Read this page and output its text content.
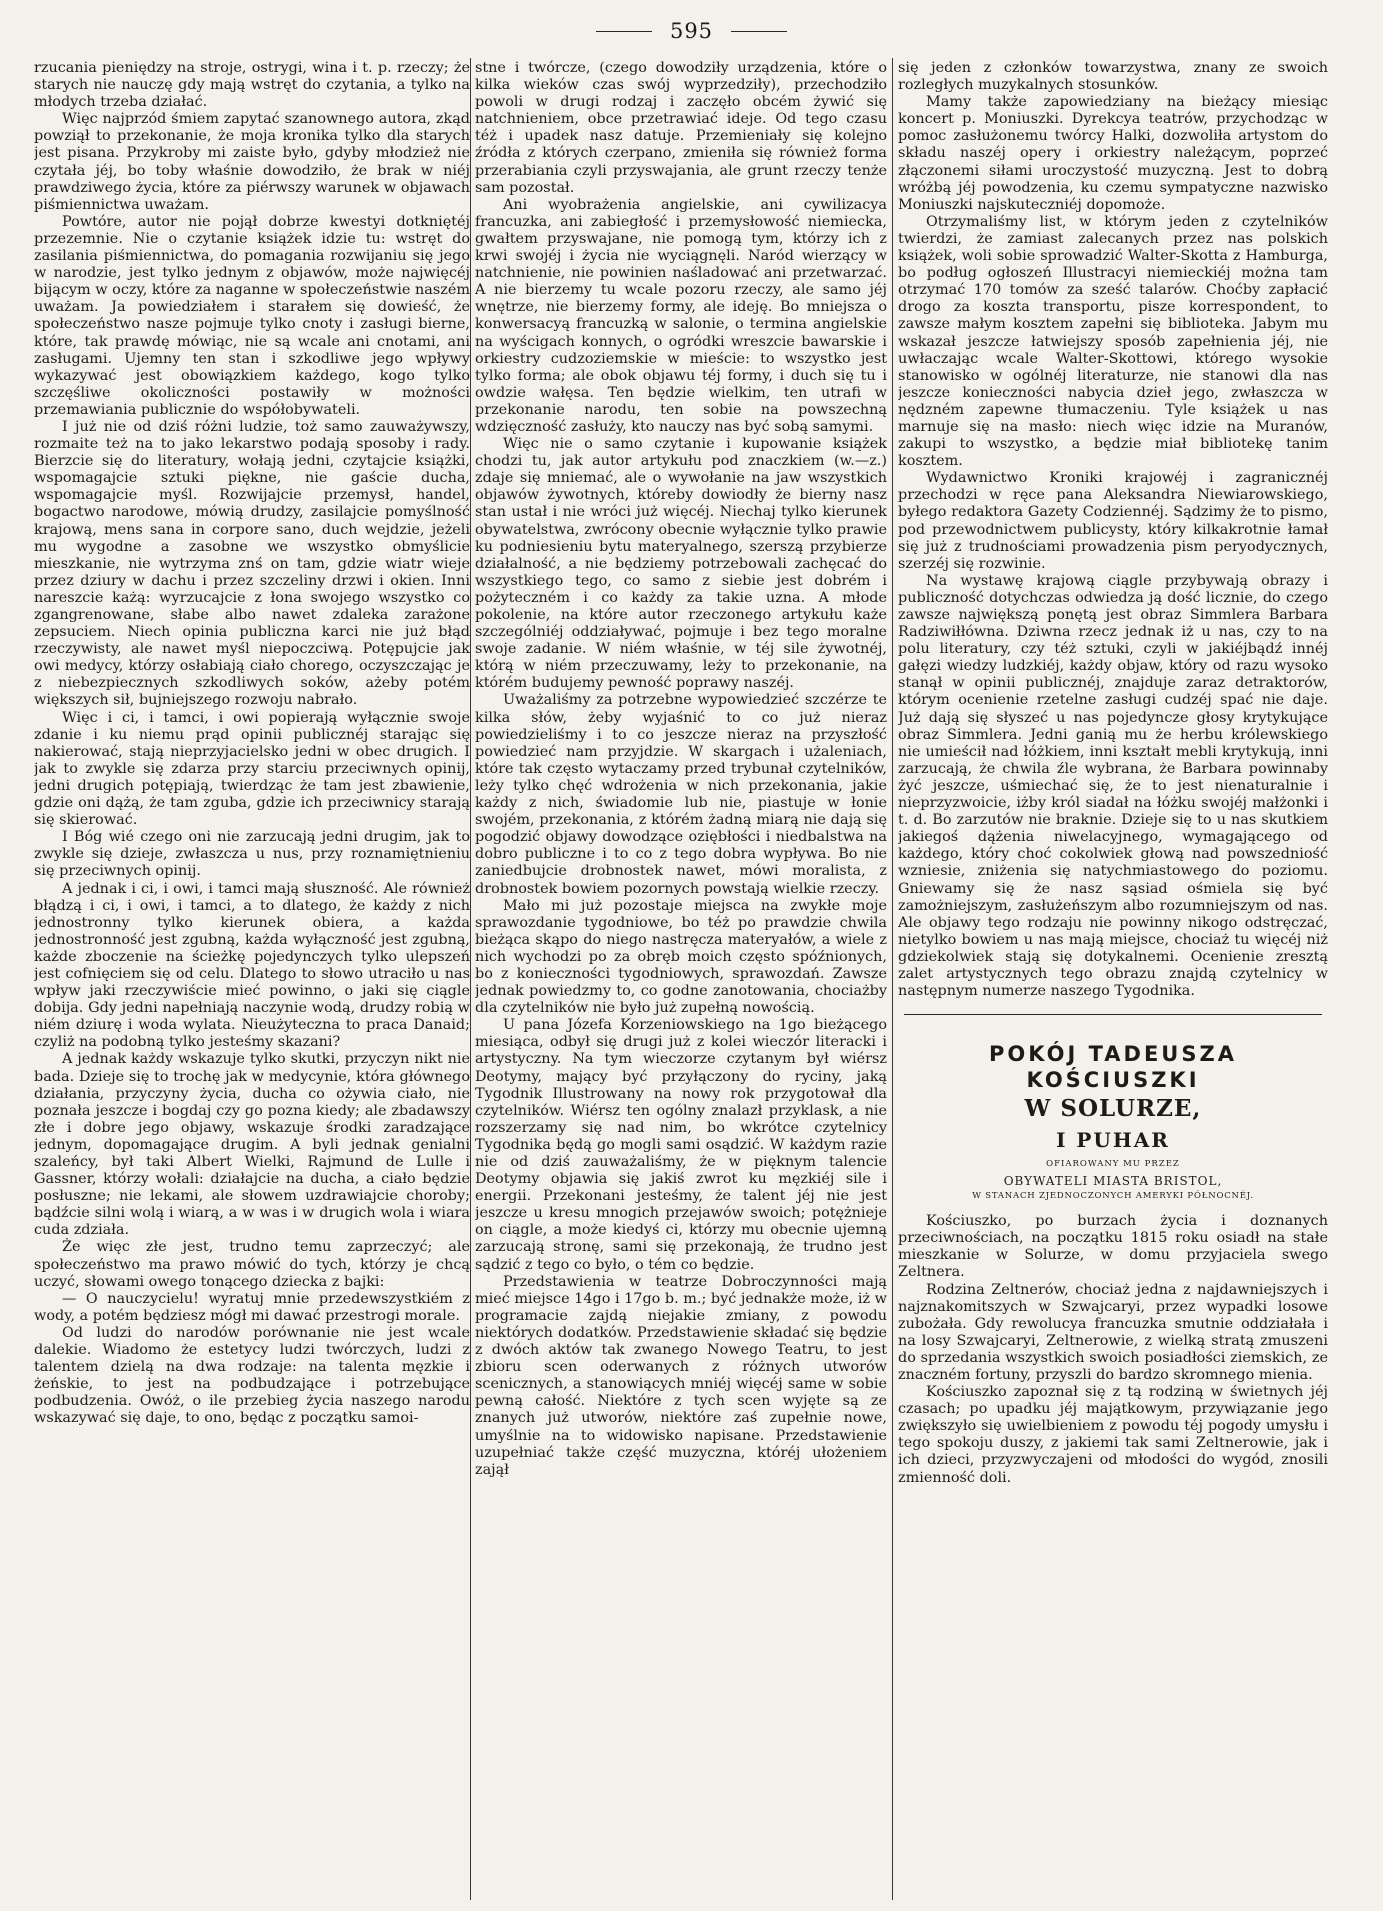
595

rzucania pieniędzy na stroje, ostrygi, wina i t. p. rzeczy; że starych nie nauczę gdy mają wstręt do czytania, a tylko na młodych trzeba działać.

Więc najprzód śmiem zapytać szanownego autora, zkąd powziął to przekonanie, że moja kronika tylko dla starych jest pisana. Przykroby mi zaiste było, gdyby młodzież nie czytała jéj, bo toby właśnie dowodziło, że brak w niéj prawdziwego życia, które za piérwszy warunek w objawach piśmiennictwa uważam.

Powtóre, autor nie pojął dobrze kwestyi dotkniętéj przezemnie. Nie o czytanie książek idzie tu: wstręt do zasilania piśmiennictwa, do pomagania rozwijaniu się jego w narodzie, jest tylko jednym z objawów, może najwięcéj bijącym w oczy, które za naganne w społeczeństwie naszém uważam. Ja powiedziałem i starałem się dowieść, że społeczeństwo nasze pojmuje tylko cnoty i zasługi bierne, które, tak prawdę mówiąc, nie są wcale ani cnotami, ani zasługami. Ujemny ten stan i szkodliwe jego wpływy wykazywać jest obowiązkiem każdego, kogo tylko szczęśliwe okoliczności postawiły w możności przemawiania publicznie do współobywateli.

I już nie od dziś różni ludzie, toż samo zauważywszy, rozmaite też na to jako lekarstwo podają sposoby i rady. Bierzcie się do literatury, wołają jedni, czytajcie książki, wspomagajcie sztuki piękne, nie gaście ducha, wspomagajcie myśl. Rozwijajcie przemysł, handel, bogactwo narodowe, mówią drudzy, zasilajcie pomyślność krajową, mens sana in corpore sano, duch wejdzie, jeżeli mu wygodne a zasobne we wszystko obmyślicie mieszkanie, nie wytrzyma znś on tam, gdzie wiatr wieje przez dziury w dachu i przez szczeliny drzwi i okien. Inni nareszcie każą: wyrzucajcie z łona swojego wszystko co zgangrenowane, słabe albo nawet zdaleka zarażone zepsuciem. Niech opinia publiczna karci nie już błąd rzeczywisty, ale nawet myśl niepoczciwą. Potępujcie jak owi medycy, którzy osłabiają ciało chorego, oczyszczając je z niebezpiecznych szkodliwych soków, ażeby potém większych sił, bujniejszego rozwoju nabrało.

Więc i ci, i tamci, i owi popierają wyłącznie swoje zdanie i ku niemu prąd opinii publicznéj starając się nakierować, stają nieprzyjacielsko jedni w obec drugich. I jak to zwykle się zdarza przy starciu przeciwnych opinij, jedni drugich potępiają, twierdząc że tam jest zbawienie, gdzie oni dążą, że tam zguba, gdzie ich przeciwnicy starają się skierować.

I Bóg wié czego oni nie zarzucają jedni drugim, jak to zwykle się dzieje, zwłaszcza u nus, przy roznamiętnieniu się przeciwnych opinij.

A jednak i ci, i owi, i tamci mają słuszność. Ale również błądzą i ci, i owi, i tamci, a to dlatego, że każdy z nich jednostronny tylko kierunek obiera, a każda jednostronność jest zgubną, każda wyłączność jest zgubną, każde zboczenie na ścieżkę pojedynczych tylko ulepszeń jest cofnięciem się od celu. Dlatego to słowo utraciło u nas wpływ jaki rzeczywiście mieć powinno, o jaki się ciągle dobija. Gdy jedni napełniają naczynie wodą, drudzy robią w niém dziurę i woda wylata. Nieużyteczna to praca Danaid; czyliż na podobną tylko jesteśmy skazani?

A jednak każdy wskazuje tylko skutki, przyczyn nikt nie bada. Dzieje się to trochę jak w medycynie, która głównego działania, przyczyny życia, ducha co ożywia ciało, nie poznała jeszcze i bogdaj czy go pozna kiedy; ale zbadawszy złe i dobre jego objawy, wskazuje środki zaradzające jednym, dopomagające drugim. A byli jednak genialni szaleńcy, był taki Albert Wielki, Rajmund de Lulle i Gassner, którzy wołali: działajcie na ducha, a ciało będzie posłuszne; nie lekami, ale słowem uzdrawiajcie choroby; bądźcie silni wolą i wiarą, a w was i w drugich wola i wiara cuda zdziała.

Że więc złe jest, trudno temu zaprzeczyć; ale społeczeństwo ma prawo mówić do tych, którzy je chcą uczyć, słowami owego tonącego dziecka z bajki:

— O nauczycielu! wyratuj mnie przedewszystkiém z wody, a potém będziesz mógł mi dawać przestrogi morale.

Od ludzi do narodów porównanie nie jest wcale dalekie. Wiadomo że estetycy ludzi twórczych, ludzi z talentem dzielą na dwa rodzaje: na talenta męzkie i żeńskie, to jest na podbudzające i potrzebujące podbudzenia. Owóż, o ile przebieg życia naszego narodu wskazywać się daje, to ono, będąc z początku samoi-

stne i twórcze, (czego dowodziły urządzenia, które o kilka wieków czas swój wyprzedziły), przechodziło powoli w drugi rodzaj i zaczęło obcém żywić się natchnieniem, obce przetrawiać ideje. Od tego czasu téż i upadek nasz datuje. Przemieniały się kolejno źródła z których czerpano, zmieniła się również forma przerabiania czyli przyswajania, ale grunt rzeczy tenże sam pozostał.

Ani wyobrażenia angielskie, ani cywilizacya francuzka, ani zabiegłość i przemysłowość niemiecka, gwałtem przyswajane, nie pomogą tym, którzy ich z krwi swojéj i życia nie wyciągnęli. Naród wierzący w natchnienie, nie powinien naśladować ani przetwarzać. A nie bierzemy tu wcale pozoru rzeczy, ale samo jéj wnętrze, nie bierzemy formy, ale ideję. Bo mniejsza o konwersacyą francuzką w salonie, o termina angielskie na wyścigach konnych, o ogródki wreszcie bawarskie i orkiestry cudzoziemskie w mieście: to wszystko jest tylko forma; ale obok objawu téj formy, i duch się tu i owdzie wałęsa. Ten będzie wielkim, ten utrafi w przekonanie narodu, ten sobie na powszechną wdzięczność zasłuży, kto nauczy nas być sobą samymi.

Więc nie o samo czytanie i kupowanie książek chodzi tu, jak autor artykułu pod znaczkiem (w.—z.) zdaje się mniemać, ale o wywołanie na jaw wszystkich objawów żywotnych, któreby dowiodły że bierny nasz stan ustał i nie wróci już więcéj. Niechaj tylko kierunek obywatelstwa, zwrócony obecnie wyłącznie tylko prawie ku podniesieniu bytu materyalnego, szerszą przybierze działalność, a nie będziemy potrzebowali zachęcać do wszystkiego tego, co samo z siebie jest dobrém i pożyteczném i co każdy za takie uzna. A młode pokolenie, na które autor rzeczonego artykułu każe szczególniéj oddziaływać, pojmuje i bez tego moralne swoje zadanie. W niém właśnie, w téj sile żywotnéj, którą w niém przeczuwamy, leży to przekonanie, na którém budujemy pewność poprawy naszéj.

Uważaliśmy za potrzebne wypowiedzieć szczérze te kilka słów, żeby wyjaśnić to co już nieraz powiedzieliśmy i to co jeszcze nieraz na przyszłość powiedzieć nam przyjdzie. W skargach i użaleniach, które tak często wytaczamy przed trybunał czytelników, leży tylko chęć wdrożenia w nich przekonania, jakie każdy z nich, świadomie lub nie, piastuje w łonie swojém, przekonania, z którém żadną miarą nie dają się pogodzić objawy dowodzące oziębłości i niedbalstwa na dobro publiczne i to co z tego dobra wypływa. Bo nie zaniedbujcie drobnostek nawet, mówi moralista, z drobnostek bowiem pozornych powstają wielkie rzeczy.

Mało mi już pozostaje miejsca na zwykłe moje sprawozdanie tygodniowe, bo téż po prawdzie chwila bieżąca skąpo do niego nastręcza materyałów, a wiele z nich wychodzi po za obręb moich często spóźnionych, bo z konieczności tygodniowych, sprawozdań. Zawsze jednak powiedzmy to, co godne zanotowania, chociażby dla czytelników nie było już zupełną nowością.

U pana Józefa Korzeniowskiego na 1go bieżącego miesiąca, odbył się drugi już z kolei wieczór literacki i artystyczny. Na tym wieczorze czytanym był wiérsz Deotymy, mający być przyłączony do ryciny, jaką Tygodnik Illustrowany na nowy rok przygotował dla czytelników. Wiérsz ten ogólny znalazł przyklask, a nie rozszerzamy się nad nim, bo wkrótce czytelnicy Tygodnika będą go mogli sami osądzić. W każdym razie nie od dziś zauważaliśmy, że w pięknym talencie Deotymy objawia się jakiś zwrot ku męzkiéj sile i energii. Przekonani jesteśmy, że talent jéj nie jest jeszcze u kresu mnogich przejawów swoich; potężnieje on ciągle, a może kiedyś ci, którzy mu obecnie ujemną zarzucają stronę, sami się przekonają, że trudno jest sądzić z tego co było, o tém co będzie.

Przedstawienia w teatrze Dobroczynności mają mieć miejsce 14go i 17go b. m.; być jednakże może, iż w programacie zajdą niejakie zmiany, z powodu niektórych dodatków. Przedstawienie składać się będzie z dwóch aktów tak zwanego Nowego Teatru, to jest zbioru scen oderwanych z różnych utworów scenicznych, a stanowiących mniéj więcéj same w sobie pewną całość. Niektóre z tych scen wyjęte są ze znanych już utworów, niektóre zaś zupełnie nowe, umyślnie na to widowisko napisane. Przedstawienie uzupełniać także część muzyczna, któréj ułożeniem zajął

się jeden z członków towarzystwa, znany ze swoich rozległych muzykalnych stosunków.

Mamy także zapowiedziany na bieżący miesiąc koncert p. Moniuszki. Dyrekcya teatrów, przychodząc w pomoc zasłużonemu twórcy Halki, dozwoliła artystom do składu naszéj opery i orkiestry należącym, poprzeć złączonemi siłami uroczystość muzyczną. Jest to dobrą wróżbą jéj powodzenia, ku czemu sympatyczne nazwisko Moniuszki najskuteczniéj dopomoże.

Otrzymaliśmy list, w którym jeden z czytelników twierdzi, że zamiast zalecanych przez nas polskich książek, woli sobie sprowadzić Walter-Skotta z Hamburga, bo podług ogłoszeń Illustracyi niemieckiéj można tam otrzymać 170 tomów za sześć talarów. Choćby zapłacić drogo za koszta transportu, pisze korrespondent, to zawsze małym kosztem zapełni się biblioteka. Jabym mu wskazał jeszcze łatwiejszy sposób zapełnienia jéj, nie uwłaczając wcale Walter-Skottowi, którego wysokie stanowisko w ogólnéj literaturze, nie stanowi dla nas jeszcze konieczności nabycia dzieł jego, zwłaszcza w nędzném zapewne tłumaczeniu. Tyle książek u nas marnuje się na masło: niech więc idzie na Muranów, zakupi to wszystko, a będzie miał bibliotekę tanim kosztem.

Wydawnictwo Kroniki krajowéj i zagranicznéj przechodzi w ręce pana Aleksandra Niewiarowskiego, byłego redaktora Gazety Codziennéj. Sądzimy że to pismo, pod przewodnictwem publicysty, który kilkakrotnie łamał się już z trudnościami prowadzenia pism peryodycznych, szerzéj się rozwinie.

Na wystawę krajową ciągle przybywają obrazy i publiczność dotychczas odwiedza ją dość licznie, do czego zawsze największą ponętą jest obraz Simmlera Barbara Radziwiłłówna. Dziwna rzecz jednak iż u nas, czy to na polu literatury, czy téż sztuki, czyli w jakiéjbądź innéj gałęzi wiedzy ludzkiéj, każdy objaw, który od razu wysoko stanął w opinii publicznéj, znajduje zaraz detraktorów, którym ocenienie rzetelne zasługi cudzéj spać nie daje. Już dają się słyszeć u nas pojedyncze głosy krytykujące obraz Simmlera. Jedni ganią mu że herbu królewskiego nie umieścił nad łóżkiem, inni kształt mebli krytykują, inni zarzucają, że chwila źle wybrana, że Barbara powinnaby żyć jeszcze, uśmiechać się, że to jest nienaturalnie i nieprzyzwoicie, iżby król siadał na łóżku swojéj małżonki i t. d. Bo zarzutów nie braknie. Dzieje się to u nas skutkiem jakiegoś dążenia niwelacyjnego, wymagającego od każdego, który choć cokolwiek głową nad powszedniość wzniesie, zniżenia się natychmiastowego do poziomu. Gniewamy się że nasz sąsiad ośmiela się być zamożniejszym, zasłużeńszym albo rozumniejszym od nas. Ale objawy tego rodzaju nie powinny nikogo odstręczać, nietylko bowiem u nas mają miejsce, chociaż tu więcéj niż gdziekolwiek stają się dotykalnemi. Ocenienie zresztą zalet artystycznych tego obrazu znajdą czytelnicy w następnym numerze naszego Tygodnika.

POKÓJ TADEUSZA KOŚCIUSZKI
W SOLURZE,
I PUHAR
OFIAROWANY MU PRZEZ
OBYWATELI MIASTA BRISTOL,
W STANACH ZJEDNOCZONYCH AMERYKI PÓŁNOCNÉJ.

Kościuszko, po burzach życia i doznanych przeciwnościach, na początku 1815 roku osiadł na stałe mieszkanie w Solurze, w domu przyjaciela swego Zeltnera.

Rodzina Zeltnerów, chociaż jedna z najdawniejszych i najznakomitszych w Szwajcaryi, przez wypadki losowe zubożała. Gdy rewolucya francuzka smutnie oddziałała i na losy Szwajcaryi, Zeltnerowie, z wielką stratą zmuszeni do sprzedania wszystkich swoich posiadłości ziemskich, ze znaczném fortuny, przyszli do bardzo skromnego mienia.

Kościuszko zapoznał się z tą rodziną w świetnych jéj czasach; po upadku jéj majątkowym, przywiązanie jego zwiększyło się uwielbieniem z powodu téj pogody umysłu i tego spokoju duszy, z jakiemi tak sami Zeltnerowie, jak i ich dzieci, przyzwyczajeni od młodości do wygód, znosili zmienność doli.
